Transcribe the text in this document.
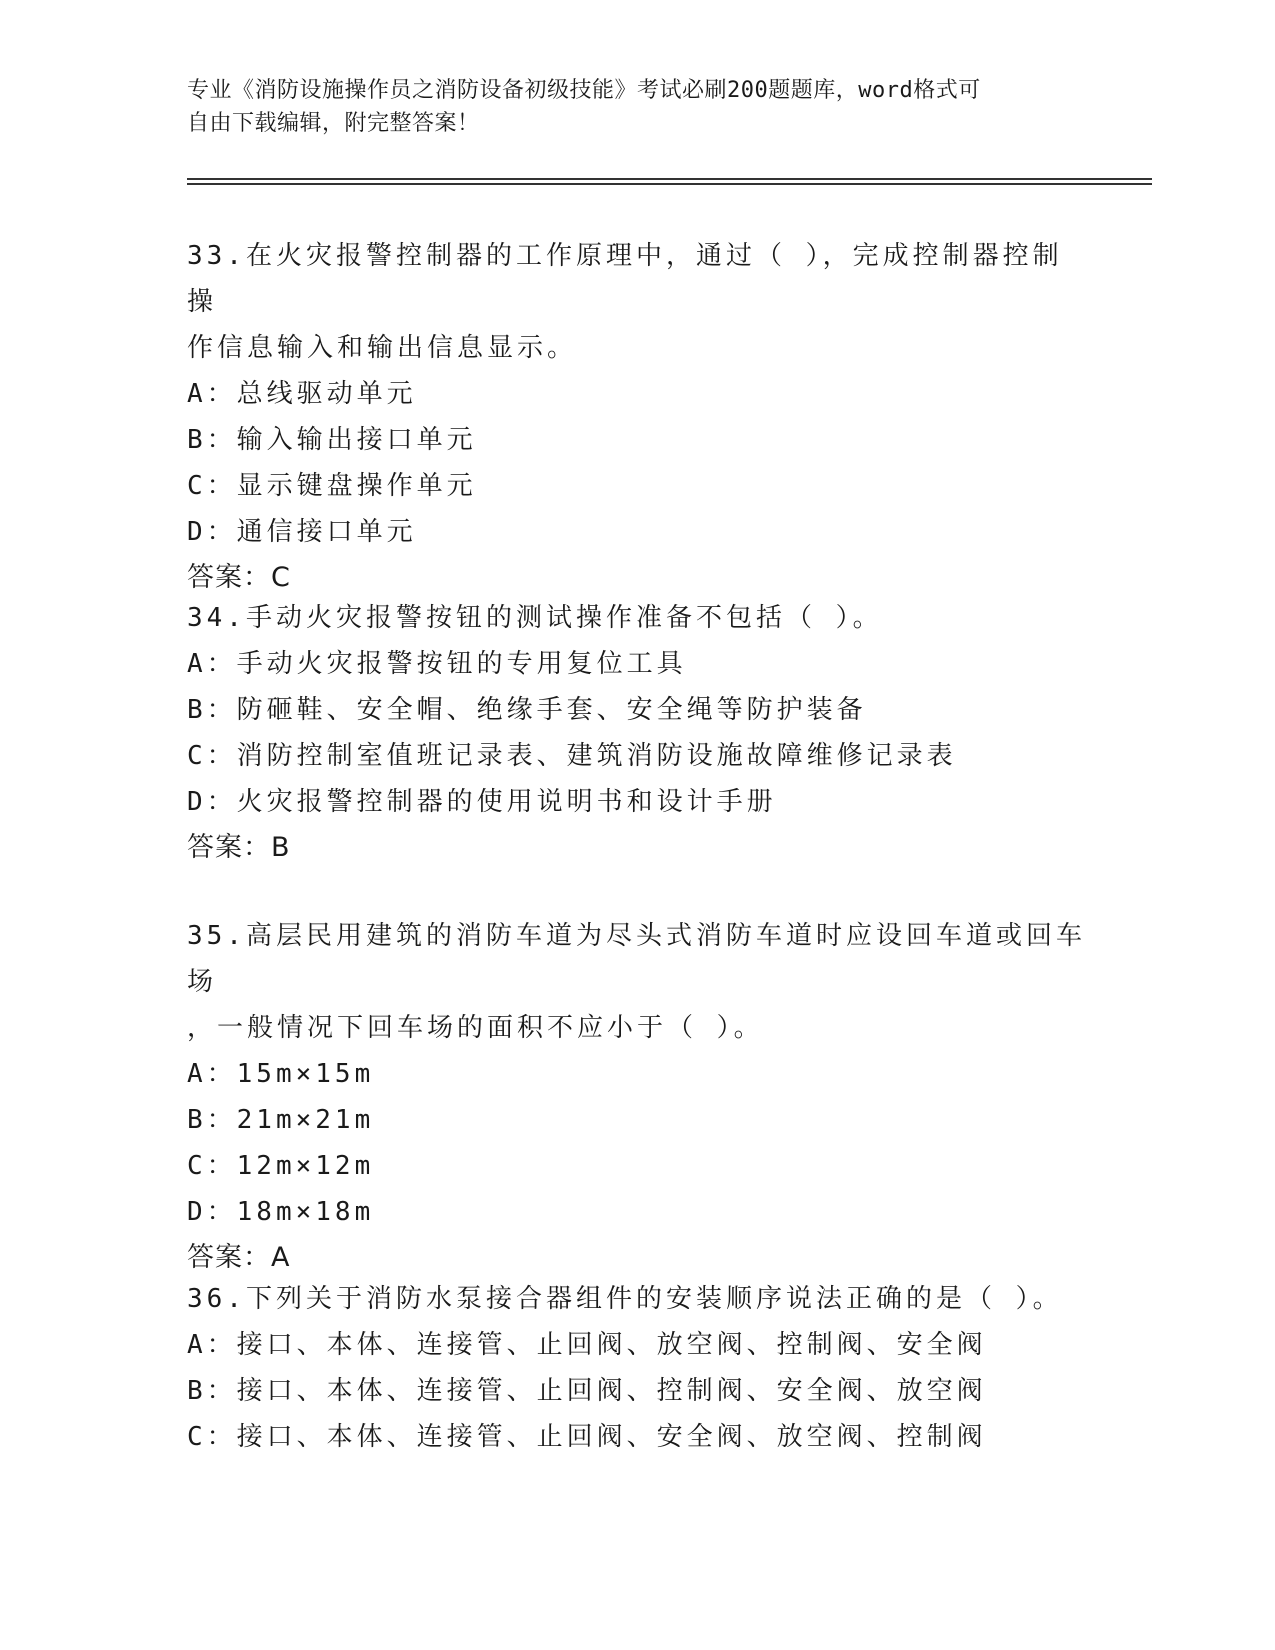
专业《消防设施操作员之消防设备初级技能》考试必刷200题题库，word格式可
自由下载编辑，附完整答案！

33.在火灾报警控制器的工作原理中，通过（ ），完成控制器控制操

作信息输入和输出信息显示。

A：总线驱动单元

B：输入输出接口单元

C：显示键盘操作单元

D：通信接口单元

答案：C

34.手动火灾报警按钮的测试操作准备不包括（ ）。

A：手动火灾报警按钮的专用复位工具

B：防砸鞋、安全帽、绝缘手套、安全绳等防护装备

C：消防控制室值班记录表、建筑消防设施故障维修记录表

D：火灾报警控制器的使用说明书和设计手册

答案：B

35.高层民用建筑的消防车道为尽头式消防车道时应设回车道或回车场

，一般情况下回车场的面积不应小于（ ）。

A：15m×15m

B：21m×21m

C：12m×12m

D：18m×18m

答案：A

36.下列关于消防水泵接合器组件的安装顺序说法正确的是（ ）。

A：接口、本体、连接管、止回阀、放空阀、控制阀、安全阀

B：接口、本体、连接管、止回阀、控制阀、安全阀、放空阀

C：接口、本体、连接管、止回阀、安全阀、放空阀、控制阀
